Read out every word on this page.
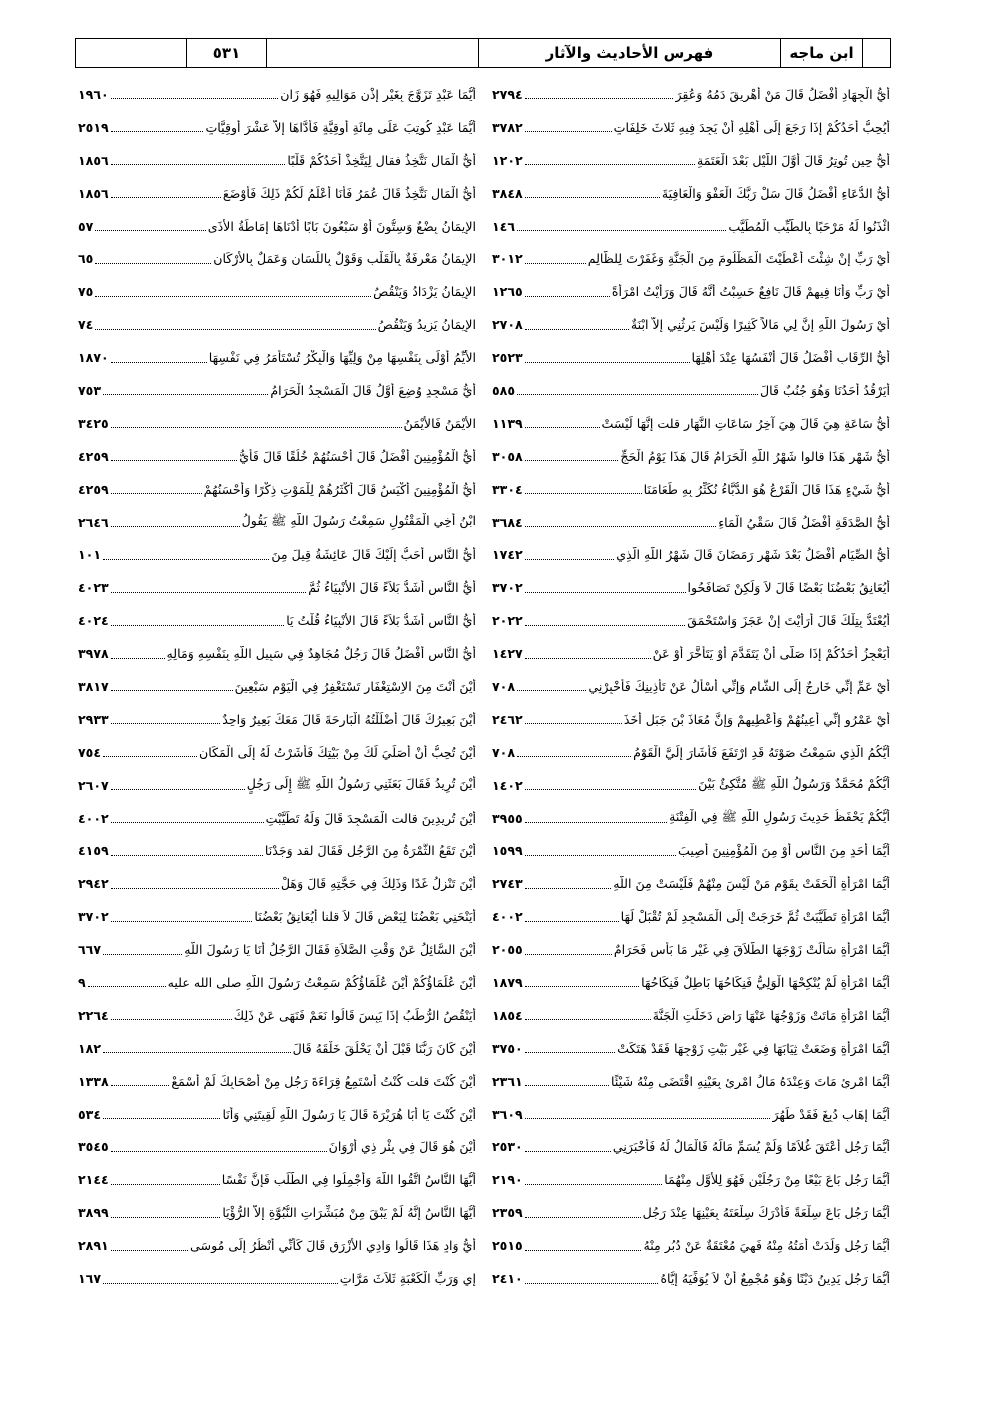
ابن ماجه
فهرس الأحاديث والآثار
٥٣١
أَيُّ الْجِهَادِ أَفْضَلُ قَالَ مَنْ أُهْرِيقَ دَمُهُ وَعُقِرَ
٢٧٩٤
أَيُحِبُّ أَحَدُكُمْ إِذَا رَجَعَ إِلَى أَهْلِهِ أَنْ يَجِدَ فِيهِ ثَلاثَ خَلِفَاتٍ
٣٧٨٢
أَيُّ حِينٍ تُوتِرُ قَالَ أَوَّلَ اللَّيْلِ بَعْدَ الْعَتَمَةِ
١٢٠٢
أَيُّ الدُّعَاءِ أَفْضَلُ قَالَ سَلْ رَبَّكَ الْعَفْوَ وَالْعَافِيَةَ
٣٨٤٨
ائْذَنُوا لَهُ مَرْحَبًا بِالطَّيِّبِ الْمُطَيَّبِ
١٤٦
أَيْ رَبِّ إِنْ شِئْتَ أَعْطَيْتَ الْمَظْلُومَ مِنَ الْجَنَّةِ وَغَفَرْتَ لِلظَّالِمِ
٣٠١٢
أَيْ رَبِّ وَأَنَا فِيهِمْ قَالَ نَافِعٌ حَسِبْتُ أَنَّهُ قَالَ وَرَأَيْتُ امْرَأَةً
١٢٦٥
أَيْ رَسُولَ اللَّهِ إِنَّ لِي مَالاً كَثِيرًا وَلَيْسَ يَرِثُنِي إِلاَّ ابْنَةٌ
٢٧٠٨
أَيُّ الرِّقَابِ أَفْضَلُ قَالَ أَنْفَسُهَا عِنْدَ أَهْلِهَا
٢٥٢٣
أَيَرْقُدُ أَحَدُنَا وَهُوَ جُنُبٌ قَالَ
٥٨٥
أَيُّ سَاعَةٍ هِيَ قَالَ هِيَ آخِرُ سَاعَاتِ النَّهَارِ قلت إِنَّهَا لَيْسَتْ
١١٣٩
أَيُّ شَهْرٍ هَذَا قالوا شَهْرُ اللَّهِ الْحَرَامُ قَالَ هَذَا يَوْمُ الْحَجِّ
٣٠٥٨
أَيُّ شَيْءٍ هَذَا قَالَ الْقَرْعُ هُوَ الدُّبَّاءُ نُكَثِّرُ بِهِ طَعَامَنَا
٣٣٠٤
أَيُّ الصَّدَقَةِ أَفْضَلُ قَالَ سَقْيُ الْمَاءِ
٣٦٨٤
أَيُّ الصِّيَامِ أَفْضَلُ بَعْدَ شَهْرِ رَمَضَانَ قَالَ شَهْرُ اللَّهِ الَّذِي
١٧٤٢
أَيُعَانِقُ بَعْضُنَا بَعْضًا قَالَ لاَ وَلَكِنْ تَصَافَحُوا
٣٧٠٢
أَيُعْتَدُّ بِتِلْكَ قَالَ أَرَأَيْتَ إِنْ عَجَزَ وَاسْتَحْمَقَ
٢٠٢٢
أَيَعْجِزُ أَحَدُكُمْ إِذَا صَلَّى أَنْ يَتَقَدَّمَ أَوْ يَتَأَخَّرَ أَوْ عَنْ
١٤٢٧
أَيْ عَمِّ إِنِّي خَارِجٌ إِلَى الشَّامِ وَإِنِّي أَسْأَلُ عَنْ تَأْذِينِكَ فَأَخْبِرْنِي
٧٠٨
أَيْ عَمْرُو إِنِّي أُعِينُهُمْ وَأُعْطِيهِمْ وَإِنَّ مُعَاذَ بْنَ جَبَلٍ أَخَذَ
٢٤٦٢
أَيُّكُمُ الَّذِي سَمِعْتُ صَوْتَهُ قَدِ ارْتَفَعَ فَأَشَارَ إِلَيَّ الْقَوْمُ
٧٠٨
أَيُّكُمْ مُحَمَّدٌ وَرَسُولُ اللَّهِ ﷺ مُتَّكِئٌ بَيْنَ
١٤٠٢
أَيُّكُمْ يَحْفَظُ حَدِيثَ رَسُولِ اللَّهِ ﷺ فِي الْفِتْنَةِ
٣٩٥٥
أَيُّمَا أَحَدٍ مِنَ النَّاسِ أَوْ مِنَ الْمُؤْمِنِينَ أُصِيبَ
١٥٩٩
أَيُّمَا امْرَأَةٍ أَلْحَقَتْ بِقَوْمٍ مَنْ لَيْسَ مِنْهُمْ فَلَيْسَتْ مِنَ اللَّهِ
٢٧٤٣
أَيُّمَا امْرَأَةٍ تَطَيَّبَتْ ثُمَّ خَرَجَتْ إِلَى الْمَسْجِدِ لَمْ تُقْبَلْ لَهَا
٤٠٠٢
أَيُّمَا امْرَأَةٍ سَأَلَتْ زَوْجَهَا الطَّلاَقَ فِي غَيْرِ مَا بَأْسٍ فَحَرَامٌ
٢٠٥٥
أَيُّمَا امْرَأَةٍ لَمْ يُنْكِحْهَا الْوَلِيُّ فَنِكَاحُهَا بَاطِلٌ فَنِكَاحُهَا
١٨٧٩
أَيُّمَا امْرَأَةٍ مَاتَتْ وَزَوْجُهَا عَنْهَا رَاضٍ دَخَلَتِ الْجَنَّةَ
١٨٥٤
أَيُّمَا امْرَأَةٍ وَضَعَتْ ثِيَابَهَا فِي غَيْرِ بَيْتِ زَوْجِهَا فَقَدْ هَتَكَتْ
٣٧٥٠
أَيُّمَا امْرِئٍ مَاتَ وَعِنْدَهُ مَالُ امْرِئٍ بِعَيْنِهِ اقْتَضَى مِنْهُ شَيْئًا
٢٣٦١
أَيُّمَا إِهَابٍ دُبِغَ فَقَدْ طَهُرَ
٣٦٠٩
أَيُّمَا رَجُلٍ أَعْتَقَ غُلاَمًا وَلَمْ يُسَمِّ مَالَهُ فَالْمَالُ لَهُ فَأَخْبَرَنِي
٢٥٣٠
أَيُّمَا رَجُلٍ بَاعَ بَيْعًا مِنْ رَجُلَيْنِ فَهُوَ لِلأَوَّلِ مِنْهُمَا
٢١٩٠
أَيُّمَا رَجُلٍ بَاعَ سِلْعَةً فَأَدْرَكَ سِلْعَتَهُ بِعَيْنِهَا عِنْدَ رَجُلٍ
٢٣٥٩
أَيُّمَا رَجُلٍ وَلَدَتْ أَمَتُهُ مِنْهُ فَهِيَ مُعْتَقَةٌ عَنْ دُبُرٍ مِنْهُ
٢٥١٥
أَيُّمَا رَجُلٍ يَدِينُ دَيْنًا وَهُوَ مُجْمِعٌ أَنْ لاَ يُوَفِّيَهُ إِيَّاهُ
٢٤١٠
أَيُّمَا عَبْدٍ تَزَوَّجَ بِغَيْرِ إِذْنِ مَوَالِيهِ فَهُوَ زَانٍ
١٩٦٠
أَيُّمَا عَبْدٍ كُوتِبَ عَلَى مِائَةِ أُوقِيَّةٍ فَأَدَّاهَا إِلاَّ عَشْرَ أُوقِيَّاتٍ
٢٥١٩
أَيُّ الْمَالِ نَتَّخِذُ فقال لِيَتَّخِذْ أَحَدُكُمْ قَلْبًا
١٨٥٦
أَيُّ الْمَالِ نَتَّخِذُ قَالَ عُمَرُ فَأَنَا أَعْلَمُ لَكُمْ ذَلِكَ فَأَوْضَعَ
١٨٥٦
الإِيمَانُ بِضْعٌ وَسِتُّونَ أَوْ سَبْعُونَ بَابًا أَدْنَاهَا إِمَاطَةُ الأَذَى
٥٧
الإِيمَانُ مَعْرِفَةٌ بِالْقَلْبِ وَقَوْلٌ بِاللِّسَانِ وَعَمَلٌ بِالأَرْكَانِ
٦٥
الإِيمَانُ يَزْدَادُ وَيَنْقُصُ
٧٥
الإِيمَانُ يَزِيدُ وَيَنْقُصُ
٧٤
الأَيِّمُ أَوْلَى بِنَفْسِهَا مِنْ وَلِيِّهَا وَالْبِكْرُ تُسْتَأْمَرُ فِي نَفْسِهَا
١٨٧٠
أَيُّ مَسْجِدٍ وُضِعَ أَوَّلُ قَالَ الْمَسْجِدُ الْحَرَامُ
٧٥٣
الأَيْمَنُ فَالأَيْمَنُ
٣٤٢٥
أَيُّ الْمُؤْمِنِينَ أَفْضَلُ قَالَ أَحْسَنُهُمْ خُلُقًا قَالَ فَأَيُّ
٤٢٥٩
أَيُّ الْمُؤْمِنِينَ أَكْيَسُ قَالَ أَكْثَرُهُمْ لِلْمَوْتِ ذِكْرًا وَأَحْسَنُهُمْ
٤٢٥٩
ابْنُ أَخِي الْمَقْتُولِ سَمِعْتُ رَسُولَ اللَّهِ ﷺ يَقُولُ
٢٦٤٦
أَيُّ النَّاسِ أَحَبُّ إِلَيْكَ قَالَ عَائِشَةُ قِيلَ مِنَ
١٠١
أَيُّ النَّاسِ أَشَدُّ بَلاَءً قَالَ الأَنْبِيَاءُ ثُمَّ
٤٠٢٣
أَيُّ النَّاسِ أَشَدُّ بَلاَءً قَالَ الأَنْبِيَاءُ قُلْتُ يَا
٤٠٢٤
أَيُّ النَّاسِ أَفْضَلُ قَالَ رَجُلٌ مُجَاهِدٌ فِي سَبِيلِ اللَّهِ بِنَفْسِهِ وَمَالِهِ
٣٩٧٨
أَيْنَ أَنْتَ مِنَ الاِسْتِغْفَارِ تَسْتَغْفِرُ فِي الْيَوْمِ سَبْعِينَ
٣٨١٧
أَيْنَ بَعِيرُكَ قَالَ أَضْلَلْتُهُ الْبَارِحَةَ قَالَ مَعَكَ بَعِيرٌ وَاحِدٌ
٢٩٣٣
أَيْنَ تُحِبُّ أَنْ أُصَلِّيَ لَكَ مِنْ بَيْتِكَ فَأَشَرْتُ لَهُ إِلَى الْمَكَانِ
٧٥٤
أَيْنَ تُرِيدُ فَقَالَ بَعَثَنِي رَسُولُ اللَّهِ ﷺ إِلَى رَجُلٍ
٢٦٠٧
أَيْنَ تُرِيدِينَ قالت الْمَسْجِدَ قَالَ وَلَهُ تَطَيَّبْتِ
٤٠٠٢
أَيْنَ تَقَعُ الثَّمْرَةُ مِنَ الرَّجُلِ فَقَالَ لقد وَجَدْنَا
٤١٥٩
أَيْنَ تَنْزِلُ غَدًا وَذَلِكَ فِي حَجَّتِهِ قَالَ وَهَلْ
٢٩٤٢
أَيَنْحَنِي بَعْضُنَا لِبَعْضٍ قَالَ لاَ قلنا أَيُعَانِقُ بَعْضُنَا
٣٧٠٢
أَيْنَ السَّائِلُ عَنْ وَقْتِ الصَّلاَةِ فَقَالَ الرَّجُلُ أَنَا يَا رَسُولَ اللَّهِ
٦٦٧
أَيْنَ عُلَمَاؤُكُمْ أَيْنَ عُلَمَاؤُكُمْ سَمِعْتُ رَسُولَ اللَّهِ صلى الله عليه
٩
أَيَنْقُصُ الرُّطَبُ إِذَا يَبِسَ قَالُوا نَعَمْ فَنَهَى عَنْ ذَلِكَ
٢٢٦٤
أَيْنَ كَانَ رَبُّنَا قَبْلَ أَنْ يَخْلُقَ خَلْقَهُ قَالَ
١٨٢
أَيْنَ كُنْتَ قلت كُنْتُ أَسْتَمِعُ قِرَاءَةَ رَجُلٍ مِنْ أَصْحَابِكَ لَمْ أَسْمَعْ
١٣٣٨
أَيْنَ كُنْتَ يَا أَبَا هُرَيْرَةَ قَالَ يَا رَسُولَ اللَّهِ لَقِيتَنِي وَأَنَا
٥٣٤
أَيْنَ هُوَ قَالَ فِي بِئْرِ ذِي أَرْوَانَ
٣٥٤٥
أَيُّهَا النَّاسُ اتَّقُوا اللَّهَ وَأَجْمِلُوا فِي الطَّلَبِ فَإِنَّ نَفْسًا
٢١٤٤
أَيُّهَا النَّاسُ إِنَّهُ لَمْ يَبْقَ مِنْ مُبَشِّرَاتِ النُّبُوَّةِ إِلاَّ الرُّؤْيَا
٣٨٩٩
أَيُّ وَادٍ هَذَا قَالُوا وَادِي الأَزْرَقِ قَالَ كَأَنِّي أَنْظُرُ إِلَى مُوسَى
٢٨٩١
إِي وَرَبِّ الْكَعْبَةِ ثَلاَثَ مَرَّاتٍ
١٦٧
